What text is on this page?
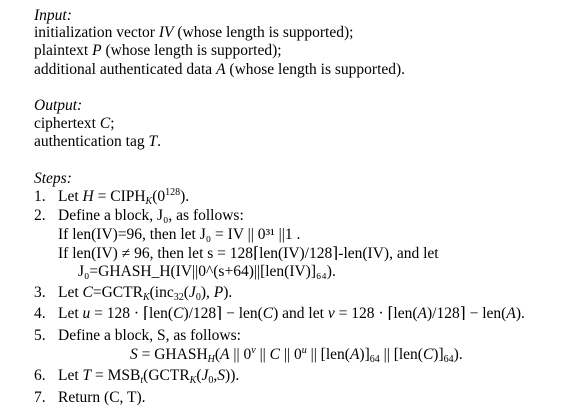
Input:
initialization vector IV (whose length is supported);
plaintext P (whose length is supported);
additional authenticated data A (whose length is supported).
Output:
ciphertext C;
authentication tag T.
Steps:
1. Let $H = CIPH_K(0^{128})$.
2. Define a block, J₀, as follows:
If len(IV)=96, then let J₀ = IV || 0³¹ ||1 .
If len(IV) ≠ 96, then let s = 128⌈len(IV)/128⌉-len(IV), and let
J₀=GHASH_H(IV||0^(s+64)||[len(IV)]₆₄).
3. Let $C=GCTR_K(inc_{32}(J_0)$, P).
4. Let u = 128 · ⌈len(C)/128⌉ − len(C) and let v = 128 · ⌈len(A)/128⌉ − len(A).
5. Define a block, S, as follows:
$S = GHASH_H(A$ || 0$^v$ || C || 0$^u$ || $[len(A)]_{64}$ || $[len(C)]_{64}$).
6. Let $T = MSB_t(GCTR_K(J_0,S))$.
7. Return (C, T).
